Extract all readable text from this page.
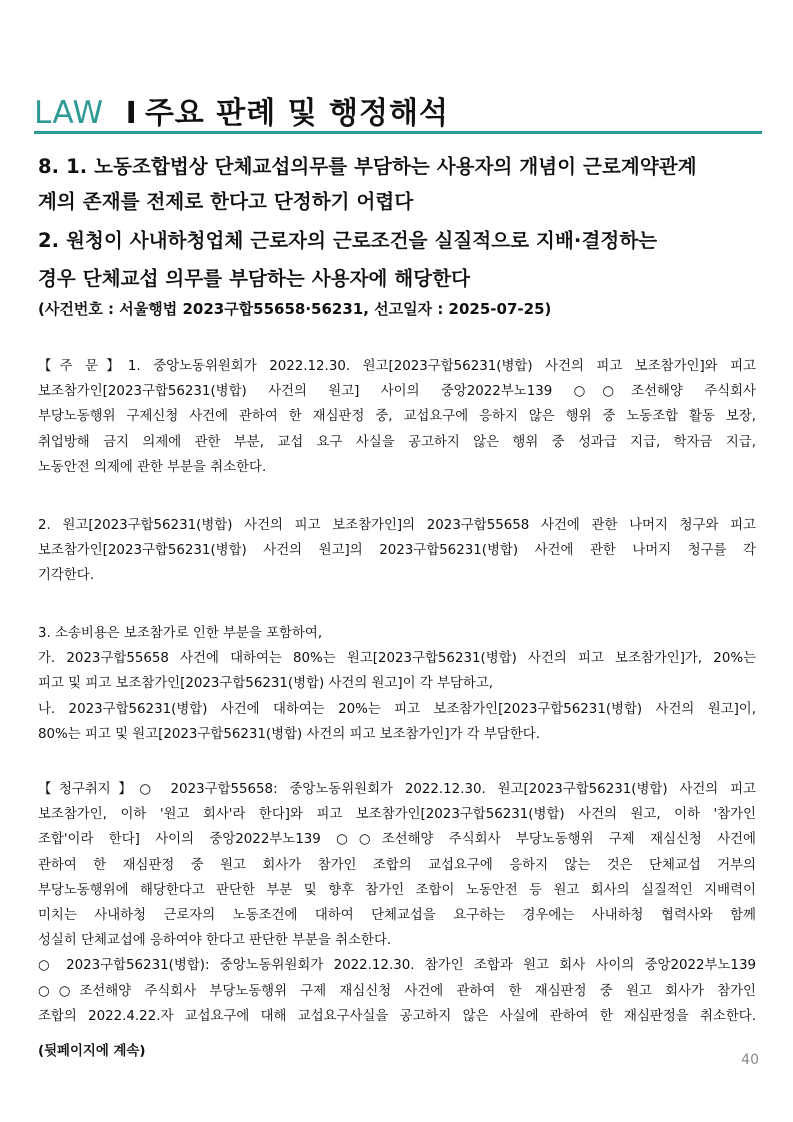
LAW I 주요 판례 및 행정해석
8. 1. 노동조합법상 단체교섭의무를 부담하는 사용자의 개념이 근로계약관계
계의 존재를 전제로 한다고 단정하기 어렵다
2. 원청이 사내하청업체 근로자의 근로조건을 실질적으로 지배·결정하는
경우 단체교섭 의무를 부담하는 사용자에 해당한다
(사건번호 : 서울행법 2023구합55658·56231, 선고일자 : 2025-07-25)
【주 문】1. 중앙노동위원회가 2022.12.30. 원고[2023구합56231(병합) 사건의 피고 보조참가인]와 피고
보조참가인[2023구합56231(병합) 사건의 원고] 사이의 중앙2022부노139 ○○조선해양 주식회사
부당노동행위 구제신청 사건에 관하여 한 재심판정 중, 교섭요구에 응하지 않은 행위 중 노동조합 활동 보장,
취업방해 금지 의제에 관한 부분, 교섭 요구 사실을 공고하지 않은 행위 중 성과급 지급, 학자금 지급,
노동안전 의제에 관한 부분을 취소한다.
2. 원고[2023구합56231(병합) 사건의 피고 보조참가인]의 2023구합55658 사건에 관한 나머지 청구와 피고
보조참가인[2023구합56231(병합) 사건의 원고]의 2023구합56231(병합) 사건에 관한 나머지 청구를 각
기각한다.
3. 소송비용은 보조참가로 인한 부분을 포함하여,
가. 2023구합55658 사건에 대하여는 80%는 원고[2023구합56231(병합) 사건의 피고 보조참가인]가, 20%는
피고 및 피고 보조참가인[2023구합56231(병합) 사건의 원고]이 각 부담하고,
나. 2023구합56231(병합) 사건에 대하여는 20%는 피고 보조참가인[2023구합56231(병합) 사건의 원고]이,
80%는 피고 및 원고[2023구합56231(병합) 사건의 피고 보조참가인]가 각 부담한다.
【청구취지】○ 2023구합55658: 중앙노동위원회가 2022.12.30. 원고[2023구합56231(병합) 사건의 피고
보조참가인, 이하 '원고 회사'라 한다]와 피고 보조참가인[2023구합56231(병합) 사건의 원고, 이하 '참가인
조합'이라 한다] 사이의 중앙2022부노139 ○○조선해양 주식회사 부당노동행위 구제 재심신청 사건에
관하여 한 재심판정 중 원고 회사가 참가인 조합의 교섭요구에 응하지 않는 것은 단체교섭 거부의
부당노동행위에 해당한다고 판단한 부분 및 향후 참가인 조합이 노동안전 등 원고 회사의 실질적인 지배력이
미치는 사내하청 근로자의 노동조건에 대하여 단체교섭을 요구하는 경우에는 사내하청 협력사와 함께
성실히 단체교섭에 응하여야 한다고 판단한 부분을 취소한다.
○ 2023구합56231(병합): 중앙노동위원회가 2022.12.30. 참가인 조합과 원고 회사 사이의 중앙2022부노139
○○조선해양 주식회사 부당노동행위 구제 재심신청 사건에 관하여 한 재심판정 중 원고 회사가 참가인
조합의 2022.4.22.자 교섭요구에 대해 교섭요구사실을 공고하지 않은 사실에 관하여 한 재심판정을 취소한다.
(뒷페이지에 계속)
40
